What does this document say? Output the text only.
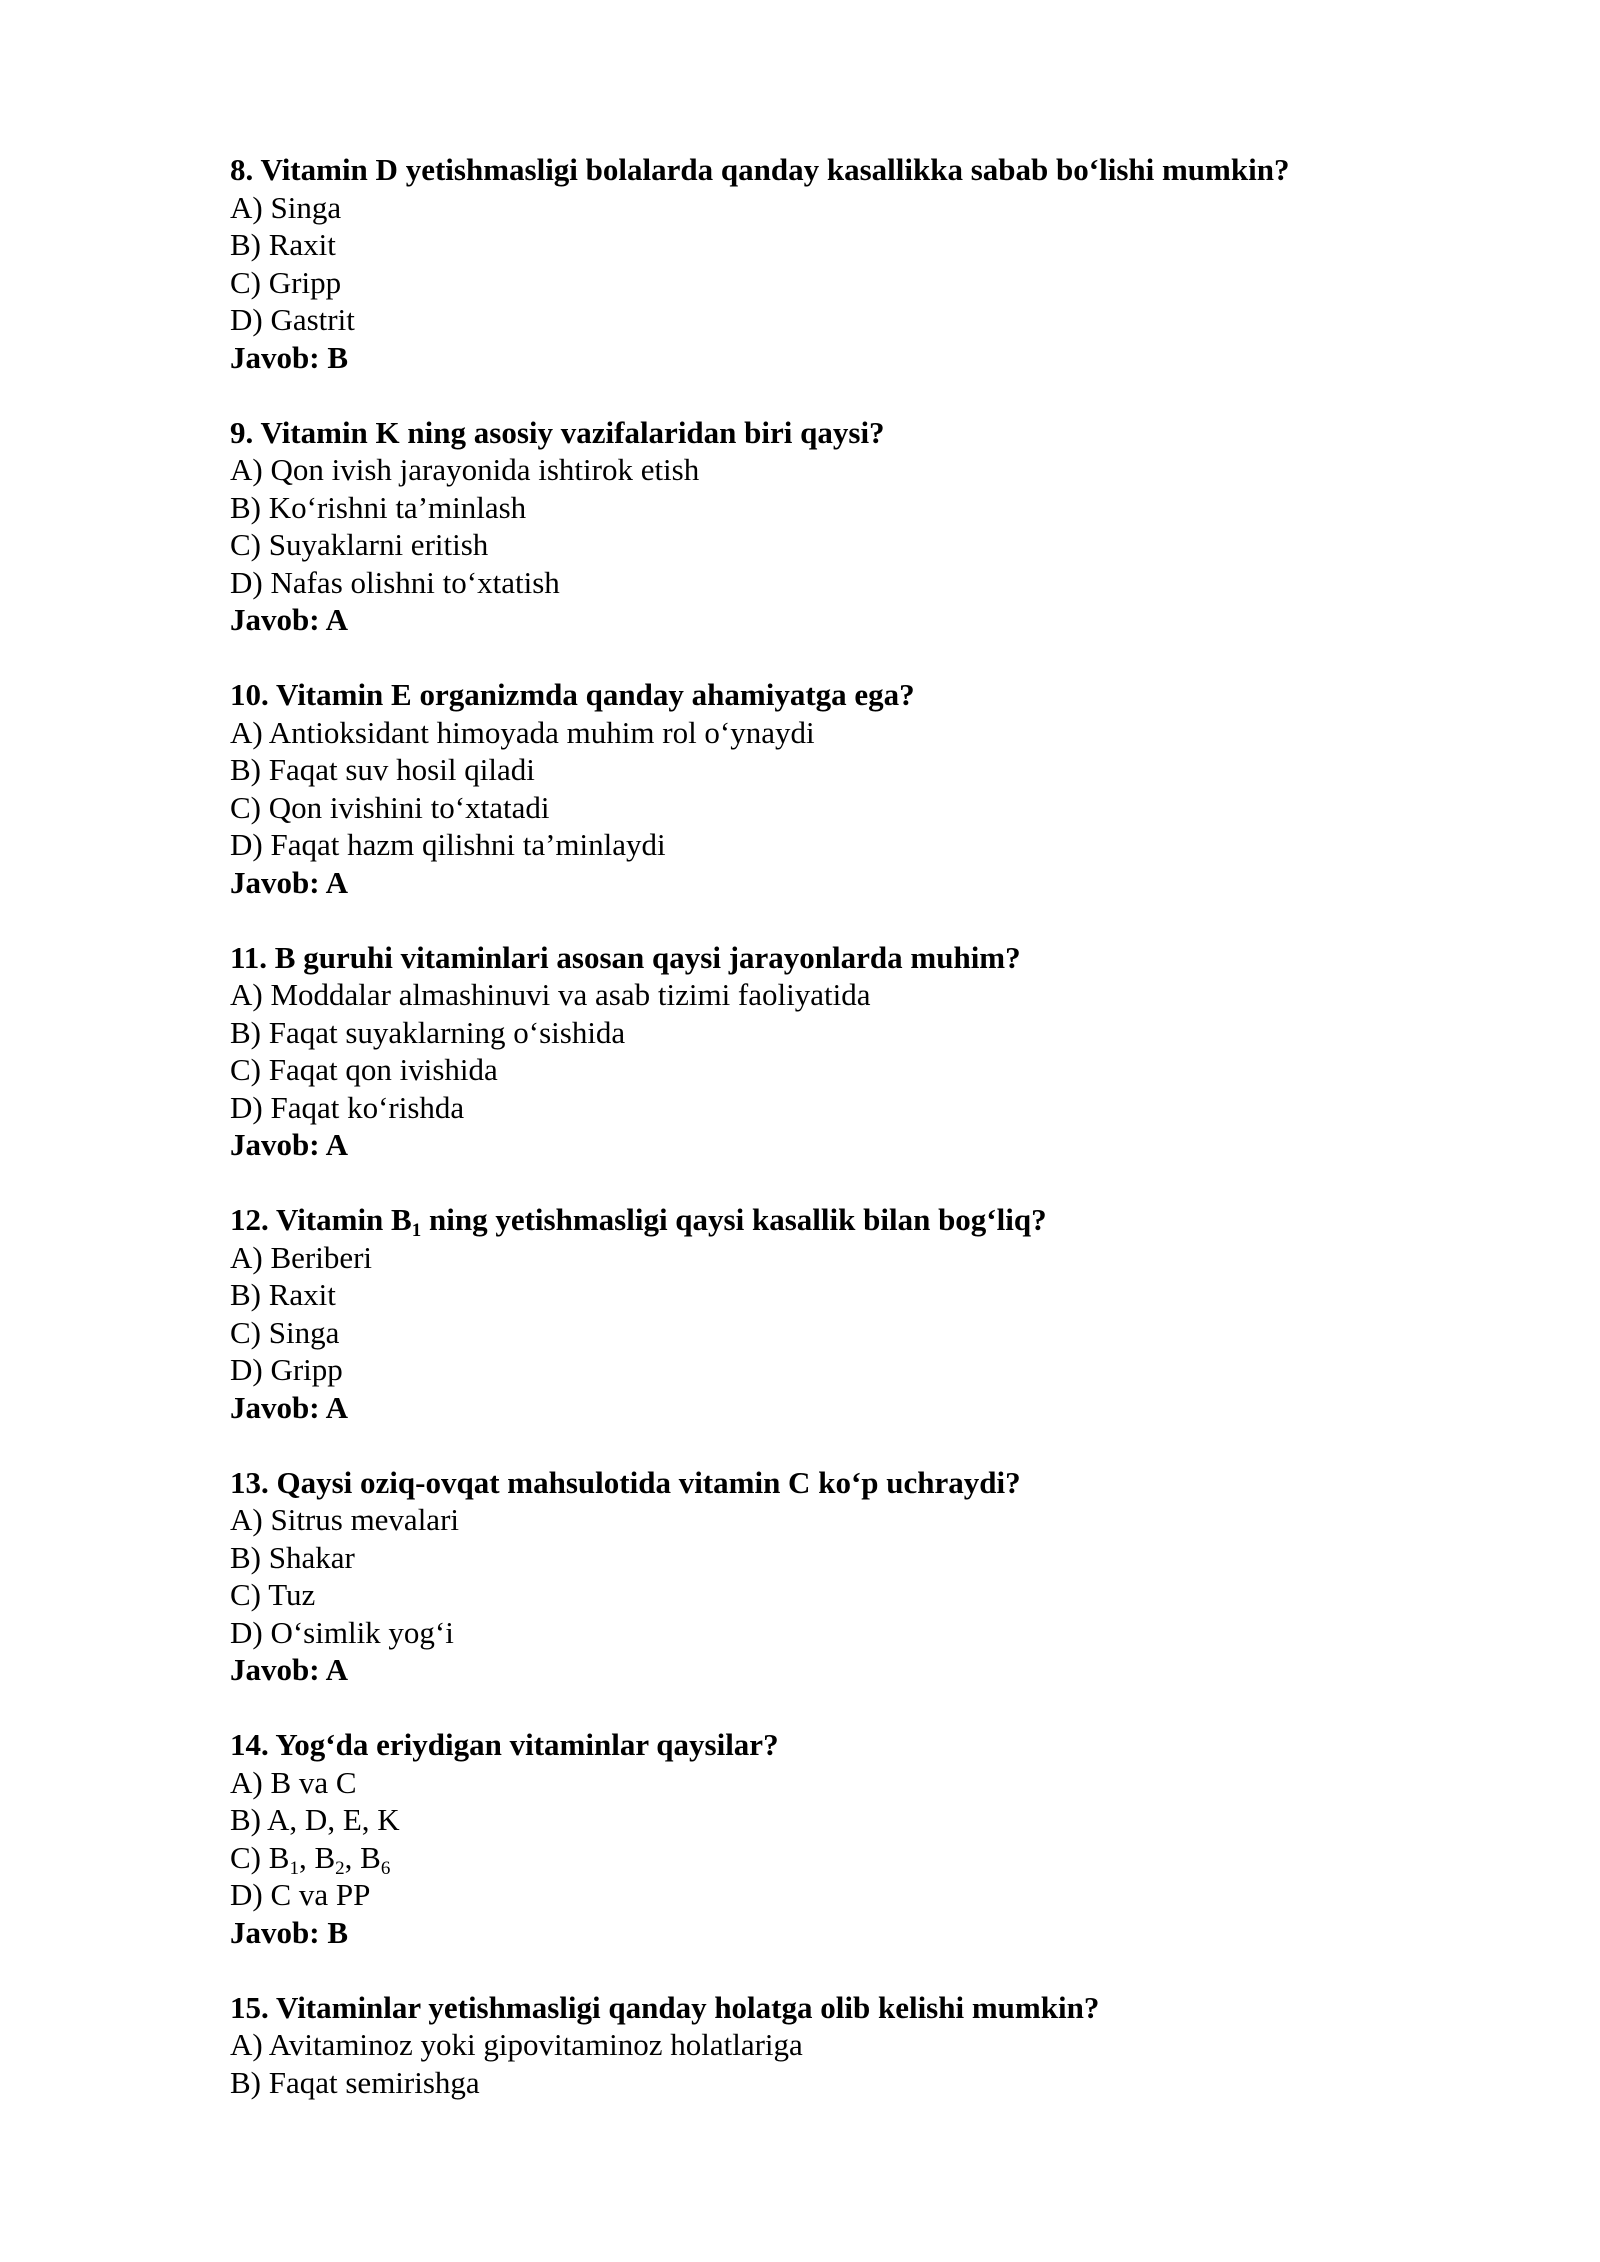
8. Vitamin D yetishmasligi bolalarda qanday kasallikka sabab bo‘lishi mumkin?
A) Singa
B) Raxit
C) Gripp
D) Gastrit
Javob: B
9. Vitamin K ning asosiy vazifalaridan biri qaysi?
A) Qon ivish jarayonida ishtirok etish
B) Ko‘rishni ta’minlash
C) Suyaklarni eritish
D) Nafas olishni to‘xtatish
Javob: A
10. Vitamin E organizmda qanday ahamiyatga ega?
A) Antioksidant himoyada muhim rol o‘ynaydi
B) Faqat suv hosil qiladi
C) Qon ivishini to‘xtatadi
D) Faqat hazm qilishni ta’minlaydi
Javob: A
11. B guruhi vitaminlari asosan qaysi jarayonlarda muhim?
A) Moddalar almashinuvi va asab tizimi faoliyatida
B) Faqat suyaklarning o‘sishida
C) Faqat qon ivishida
D) Faqat ko‘rishda
Javob: A
12. Vitamin $B_1$ ning yetishmasligi qaysi kasallik bilan bog‘liq?
A) Beriberi
B) Raxit
C) Singa
D) Gripp
Javob: A
13. Qaysi oziq-ovqat mahsulotida vitamin C ko‘p uchraydi?
A) Sitrus mevalari
B) Shakar
C) Tuz
D) O‘simlik yog‘i
Javob: A
14. Yog‘da eriydigan vitaminlar qaysilar?
A) B va C
B) A, D, E, K
C) $B_1$, $B_2$, $B_6$
D) C va PP
Javob: B
15. Vitaminlar yetishmasligi qanday holatga olib kelishi mumkin?
A) Avitaminoz yoki gipovitaminoz holatlariga
B) Faqat semirishga
